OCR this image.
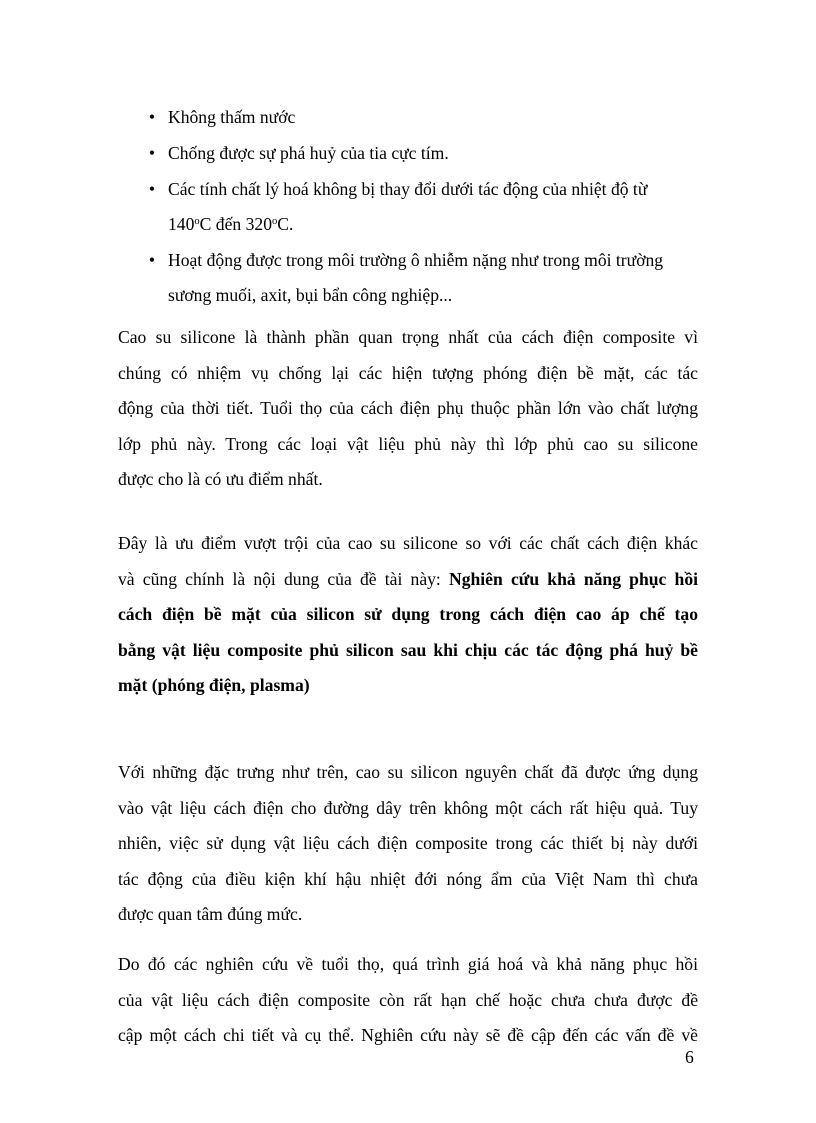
• Không thấm nước
• Chống được sự phá huỷ của tia cực tím.
• Các tính chất lý hoá không bị thay đổi dưới tác động của nhiệt độ từ
140$^o$C đến 320$^o$C.
• Hoạt động được trong môi trường ô nhiễm nặng như trong môi trường
sương muối, axit, bụi bẩn công nghiệp...
Cao su silicone là thành phần quan trọng nhất của cách điện composite vì
chúng có nhiệm vụ chống lại các hiện tượng phóng điện bề mặt, các tác
động của thời tiết. Tuổi thọ của cách điện phụ thuộc phần lớn vào chất lượng
lớp phủ này. Trong các loại vật liệu phủ này thì lớp phủ cao su silicone
được cho là có ưu điểm nhất.
Đây là ưu điểm vượt trội của cao su silicone so với các chất cách điện khác
và cũng chính là nội dung của đề tài này: Nghiên cứu khả năng phục hồi
cách điện bề mặt của silicon sử dụng trong cách điện cao áp chế tạo
bằng vật liệu composite phủ silicon sau khi chịu các tác động phá huỷ bề
mặt (phóng điện, plasma)
Với những đặc trưng như trên, cao su silicon nguyên chất đã được ứng dụng
vào vật liệu cách điện cho đường dây trên không một cách rất hiệu quả. Tuy
nhiên, việc sử dụng vật liệu cách điện composite trong các thiết bị này dưới
tác động của điều kiện khí hậu nhiệt đới nóng ẩm của Việt Nam thì chưa
được quan tâm đúng mức.
Do đó các nghiên cứu về tuổi thọ, quá trình giá hoá và khả năng phục hồi
của vật liệu cách điện composite còn rất hạn chế hoặc chưa chưa được đề
cập một cách chi tiết và cụ thể. Nghiên cứu này sẽ đề cập đến các vấn đề về
6
